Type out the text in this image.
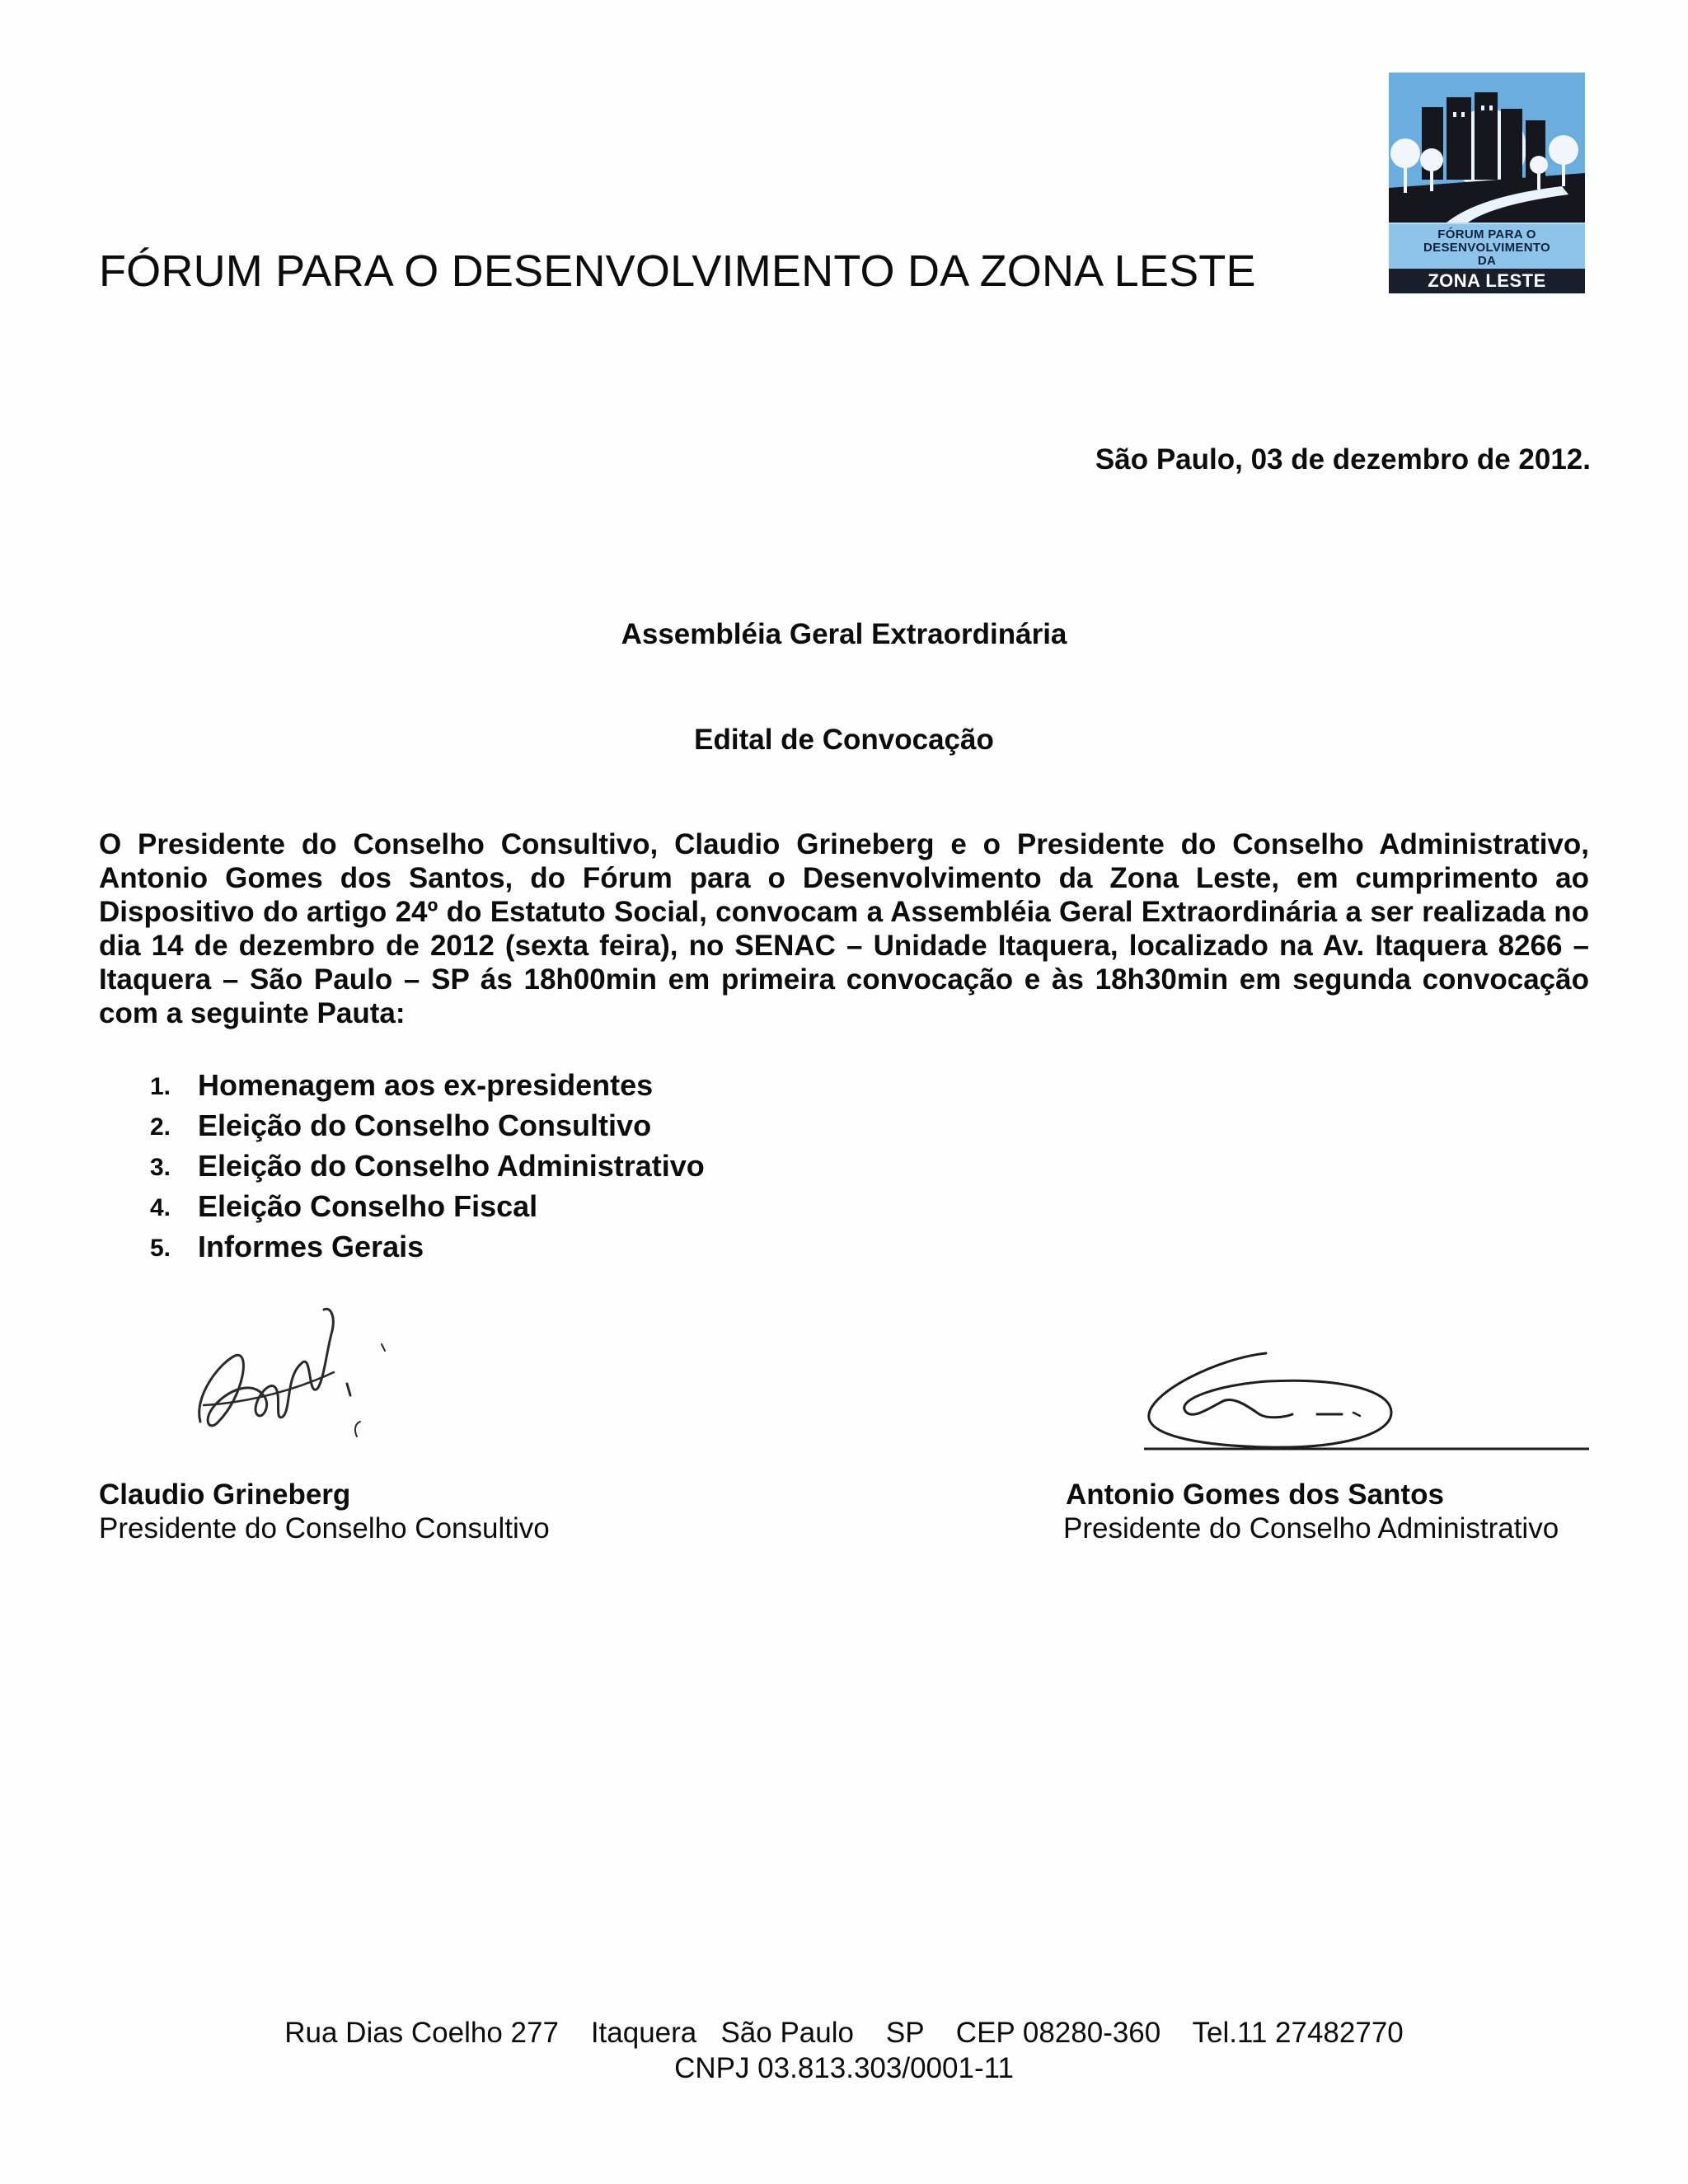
FÓRUM PARA O DESENVOLVIMENTO DA ZONA LESTE
FÓRUM PARA O
DESENVOLVIMENTO
DA
ZONA LESTE
São Paulo, 03 de dezembro de 2012.
Assembléia Geral Extraordinária
Edital de Convocação
O Presidente do Conselho Consultivo, Claudio Grineberg e o Presidente do Conselho Administrativo, Antonio Gomes dos Santos, do Fórum para o Desenvolvimento da Zona Leste, em cumprimento ao Dispositivo do artigo 24º do Estatuto Social, convocam a Assembléia Geral Extraordinária a ser realizada no dia 14 de dezembro de 2012 (sexta feira), no SENAC – Unidade Itaquera, localizado na Av. Itaquera 8266 – Itaquera – São Paulo – SP ás 18h00min em primeira convocação e às 18h30min em segunda convocação com a seguinte Pauta:
1. Homenagem aos ex-presidentes
2. Eleição do Conselho Consultivo
3. Eleição do Conselho Administrativo
4. Eleição Conselho Fiscal
5. Informes Gerais
Claudio Grineberg
Presidente do Conselho Consultivo
Antonio Gomes dos Santos
Presidente do Conselho Administrativo
Rua Dias Coelho 277    Itaquera   São Paulo    SP    CEP 08280-360    Tel.11 27482770
CNPJ 03.813.303/0001-11
